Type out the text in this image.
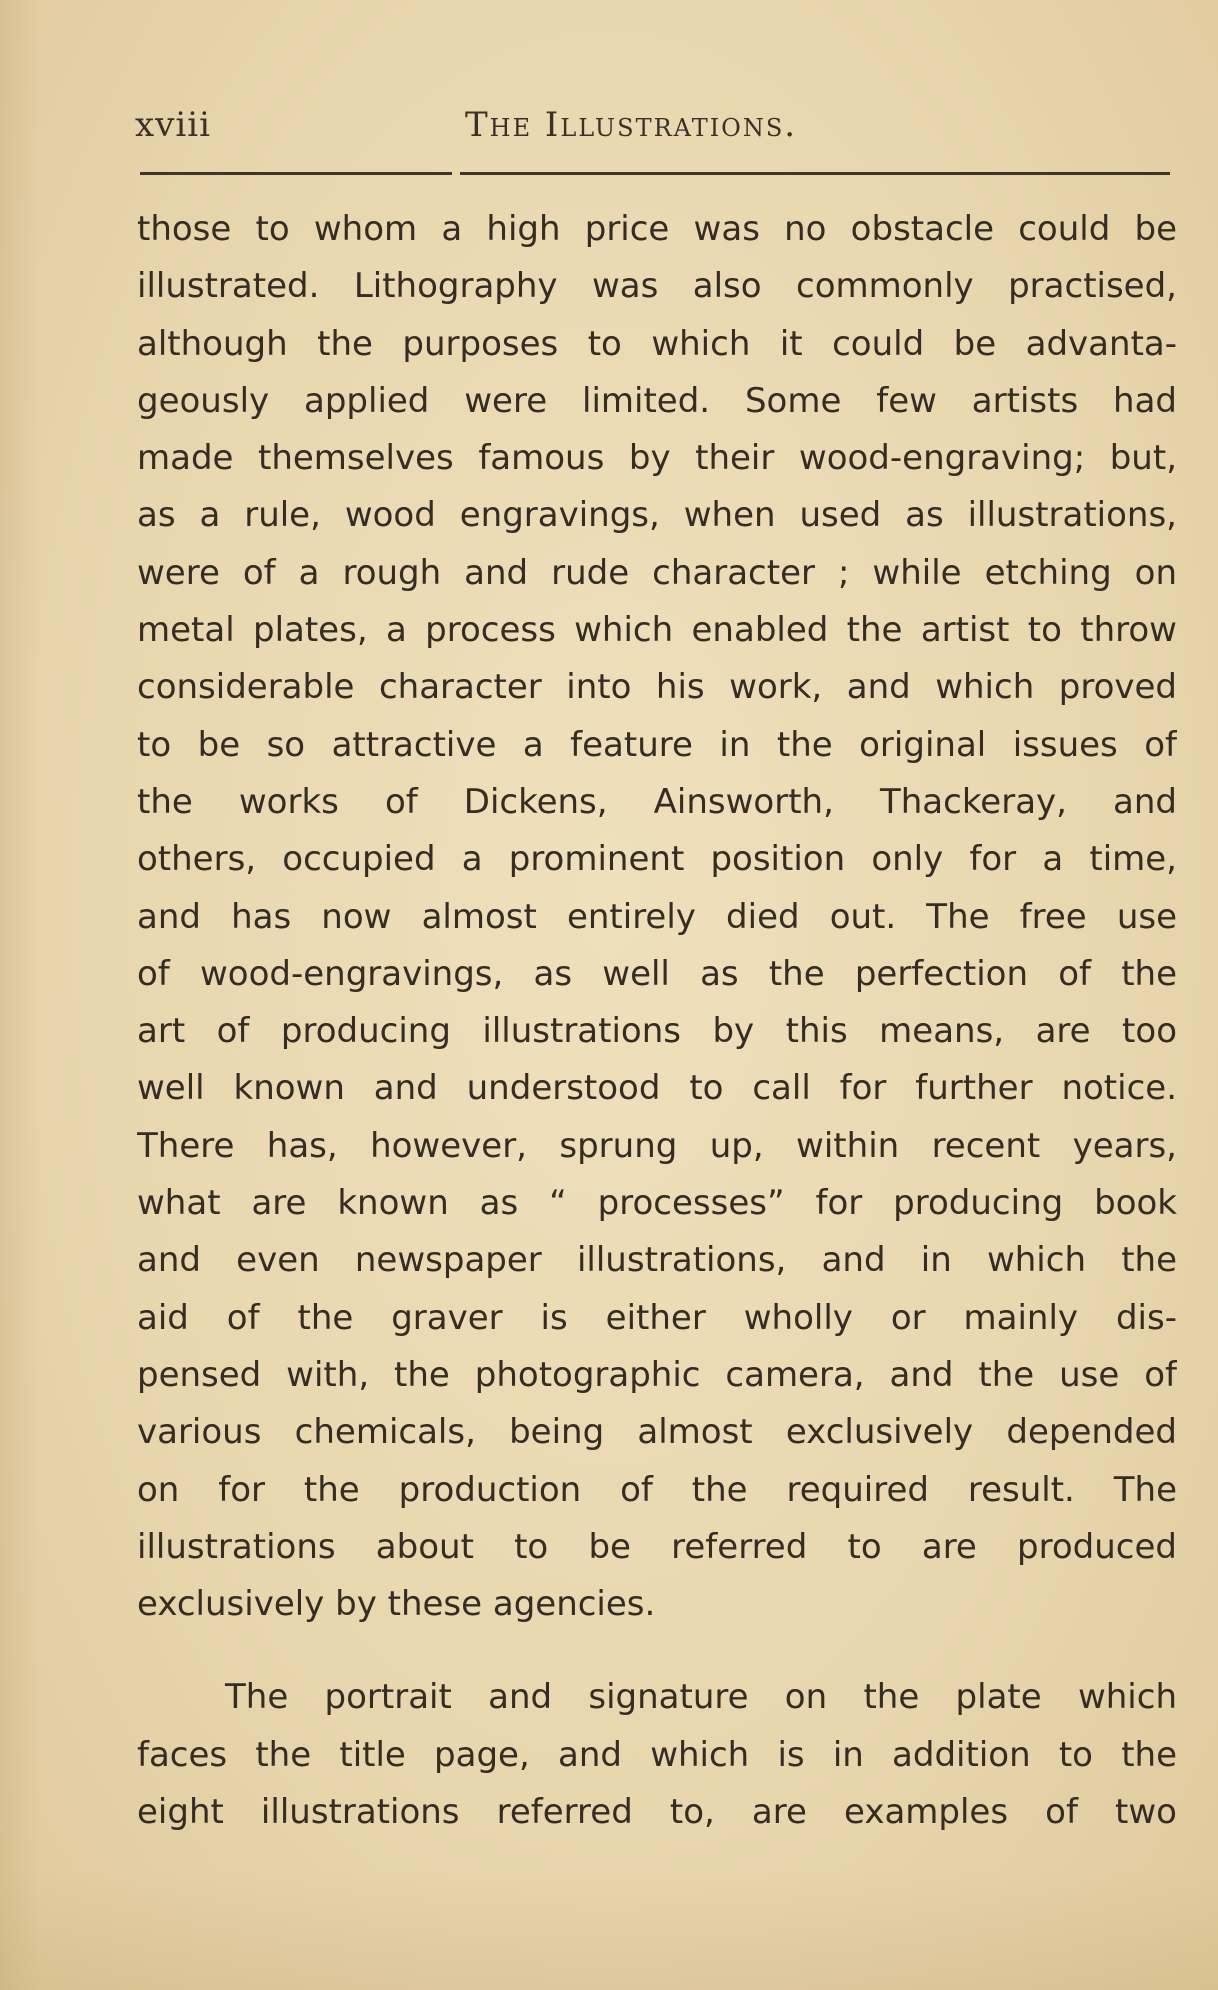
xviii	The Illustrations.
those to whom a high price was no obstacle could be
illustrated. Lithography was also commonly practised,
although the purposes to which it could be advanta-
geously applied were limited. Some few artists had
made themselves famous by their wood-engraving; but,
as a rule, wood engravings, when used as illustrations,
were of a rough and rude character ; while etching on
metal plates, a process which enabled the artist to throw
considerable character into his work, and which proved
to be so attractive a feature in the original issues of
the works of Dickens, Ainsworth, Thackeray, and
others, occupied a prominent position only for a time,
and has now almost entirely died out. The free use
of wood-engravings, as well as the perfection of the
art of producing illustrations by this means, are too
well known and understood to call for further notice.
There has, however, sprung up, within recent years,
what are known as “ processes” for producing book
and even newspaper illustrations, and in which the
aid of the graver is either wholly or mainly dis-
pensed with, the photographic camera, and the use of
various chemicals, being almost exclusively depended
on for the production of the required result. The
illustrations about to be referred to are produced
exclusively by these agencies.
The portrait and signature on the plate which
faces the title page, and which is in addition to the
eight illustrations referred to, are examples of two
